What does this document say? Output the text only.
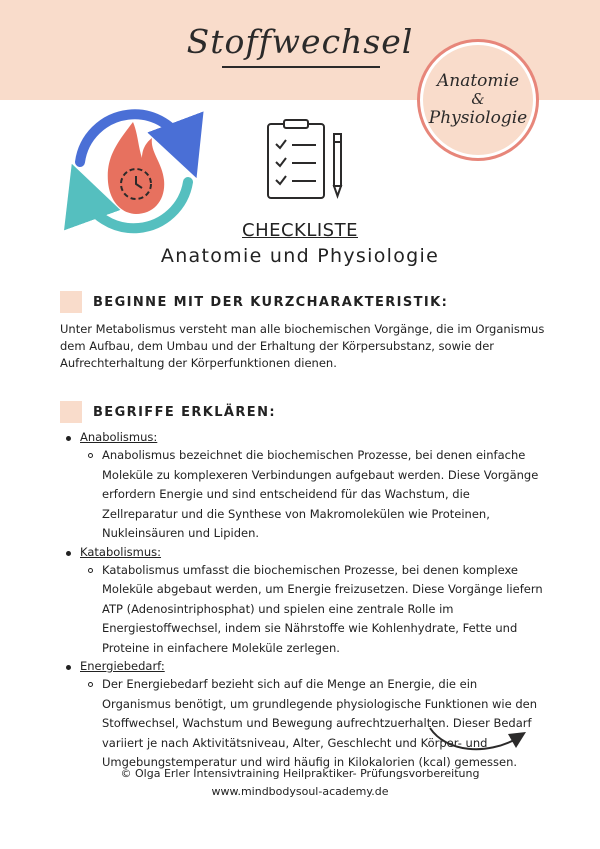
Stoffwechsel
Anatomie
&
Physiologie
CHECKLISTE
Anatomie und Physiologie
BEGINNE MIT DER KURZCHARAKTERISTIK:
Unter Metabolismus versteht man alle biochemischen Vorgänge, die im Organismus dem Aufbau, dem Umbau und der Erhaltung der Körpersubstanz, sowie der Aufrechterhaltung der Körperfunktionen dienen.
BEGRIFFE ERKLÄREN:
Anabolismus:
Anabolismus bezeichnet die biochemischen Prozesse, bei denen einfache Moleküle zu komplexeren Verbindungen aufgebaut werden. Diese Vorgänge erfordern Energie und sind entscheidend für das Wachstum, die Zellreparatur und die Synthese von Makromolekülen wie Proteinen, Nukleinsäuren und Lipiden.
Katabolismus:
Katabolismus umfasst die biochemischen Prozesse, bei denen komplexe Moleküle abgebaut werden, um Energie freizusetzen. Diese Vorgänge liefern ATP (Adenosintriphosphat) und spielen eine zentrale Rolle im Energiestoffwechsel, indem sie Nährstoffe wie Kohlenhydrate, Fette und Proteine in einfachere Moleküle zerlegen.
Energiebedarf:
Der Energiebedarf bezieht sich auf die Menge an Energie, die ein Organismus benötigt, um grundlegende physiologische Funktionen wie den Stoffwechsel, Wachstum und Bewegung aufrechtzuerhalten. Dieser Bedarf variiert je nach Aktivitätsniveau, Alter, Geschlecht und Körper- und Umgebungstemperatur und wird häufig in Kilokalorien (kcal) gemessen.
© Olga Erler Intensivtraining Heilpraktiker- Prüfungsvorbereitung
www.mindbodysoul-academy.de
